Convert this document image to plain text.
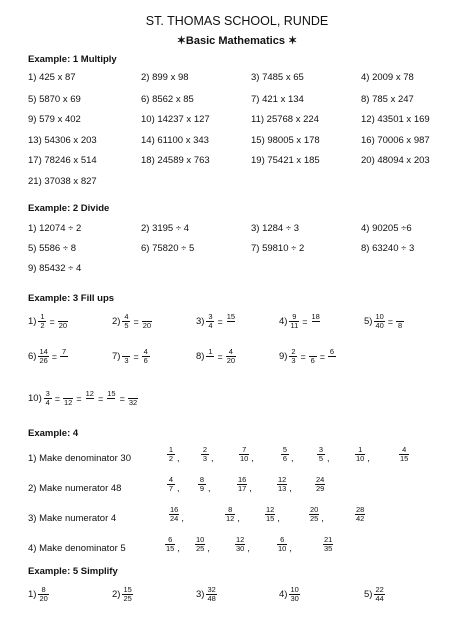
ST. THOMAS SCHOOL, RUNDE
✶Basic Mathematics ✶
Example: 1 Multiply
1) 425 x 87	2) 899 x 98	3) 7485 x 65	4) 2009 x 78
5) 5870 x 69	6) 8562 x 85	7) 421 x 134	8) 785 x 247
9) 579 x 402	10) 14237 x 127	11) 25768 x 224	12) 43501 x 169
13) 54306 x 203	14) 61100 x 343	15) 98005 x 178	16) 70006 x 987
17) 78246 x 514	18) 24589 x 763	19) 75421 x 185	20) 48094 x 203
21) 37038 x 827
Example: 2 Divide
1) 12074 ÷ 2	2) 3195 ÷ 4	3) 1284 ÷ 3	4) 90205 ÷6
5) 5586 ÷ 8	6) 75820 ÷ 5	7) 59810 ÷ 2	8) 63240 ÷ 3
9) 85432 ÷ 4
Example: 3 Fill ups
$1) \frac{1}{2} = 20$	$2) \frac{4}{5} = 20$	$3) \frac{3}{4} = 15$	$4) \frac{9}{11} = 18$	$5) \frac{10}{40} = 8$
$6) \frac{14}{26} = 7$	7) $3 = \frac{4}{6}$	8) $1 = \frac{4}{20}$	$9) \frac{2}{3} = 6 = 6$
$10) \frac{3}{4} = 12 = 12 = 15 = 32$
Example: 4
1) Make denominator 30	$\frac{1}{2}$ ,	$\frac{2}{3}$ ,	$\frac{7}{10}$ ,	$\frac{5}{6}$ ,	$\frac{3}{5}$ ,	$\frac{1}{10}$ ,	$\frac{4}{15}$
2) Make numerator 48	$\frac{4}{7}$ , $\frac{8}{9}$ ,	$\frac{16}{17}$ ,	$\frac{12}{13}$ ,	$\frac{24}{29}$
3) Make numerator 4	$\frac{16}{24}$ ,	$\frac{8}{12}$ ,	$\frac{12}{15}$ ,	$\frac{20}{25}$ ,	$\frac{28}{42}$
4) Make denominator 5	$\frac{6}{15}$ , $\frac{10}{25}$ ,	$\frac{12}{30}$ ,	$\frac{6}{10}$ ,	$\frac{21}{35}$
Example: 5 Simplify
$1) \frac{8}{20}$	$2) \frac{15}{25}$	$3) \frac{32}{48}$	$4) \frac{10}{30}$	$5) \frac{22}{44}$
